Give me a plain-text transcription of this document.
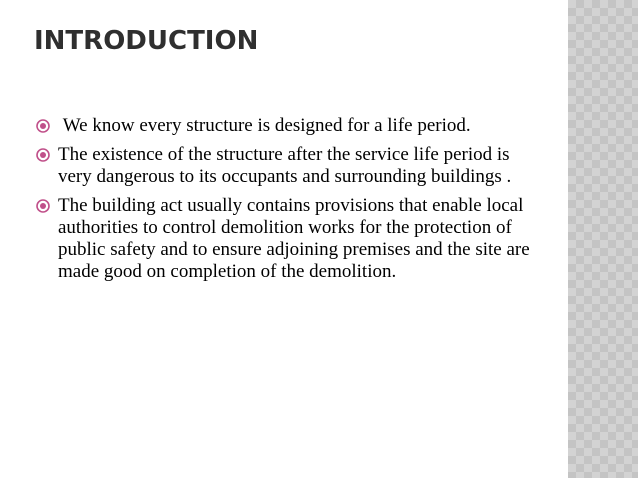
INTRODUCTION
We know every structure is designed for a life period.
The existence of the structure after the service life period is very dangerous to its occupants and surrounding buildings .
The building act usually contains provisions that enable local authorities to control demolition works for the protection of public safety and to ensure adjoining premises and the site are made good on completion of the demolition.
